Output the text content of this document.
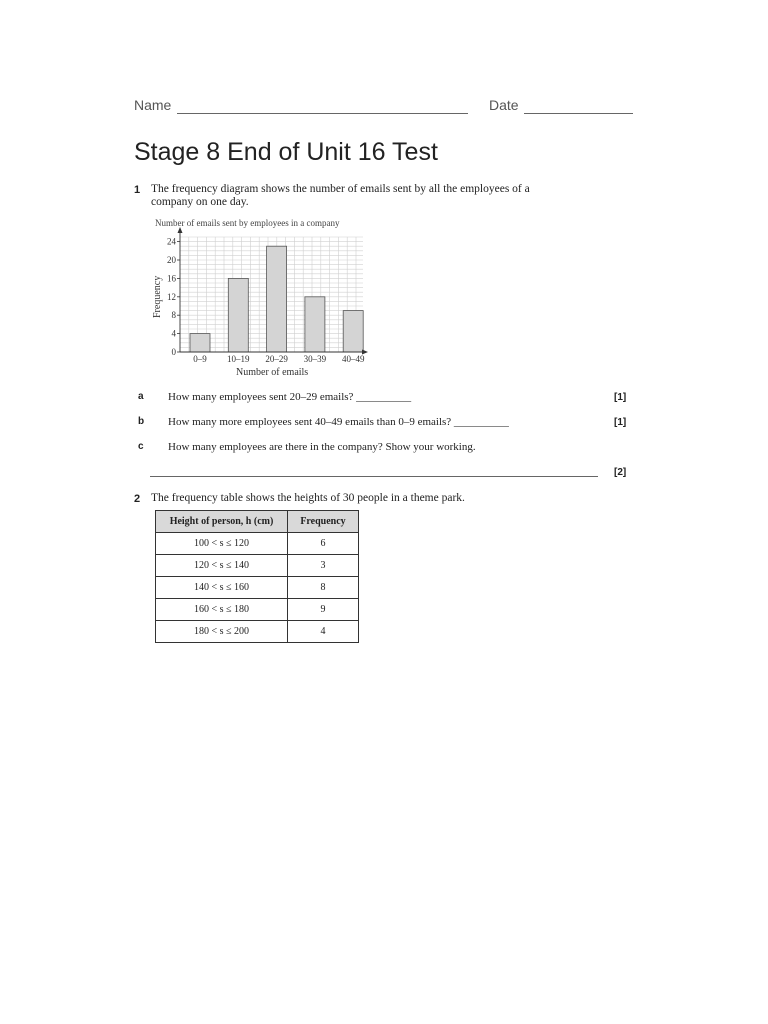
Name	Date
Stage 8 End of Unit 16 Test
1 The frequency diagram shows the number of emails sent by all the employees of a
company on one day.
Number of emails sent by employees in a company
Number of emails
Frequency
0
4
8
12
16
20
24
0–9 10–19 20–29 30–39 40–49
a How many employees sent 20–29 emails? __________	[1]
b How many more employees sent 40–49 emails than 0–9 emails? __________	[1]
c How many employees are there in the company? Show your working.
[2]
2 The frequency table shows the heights of 30 people in a theme park.
Height of person, h (cm)	Frequency
100 < s ≤ 120	6
120 < s ≤ 140	3
140 < s ≤ 160	8
160 < s ≤ 180	9
180 < s ≤ 200	4
